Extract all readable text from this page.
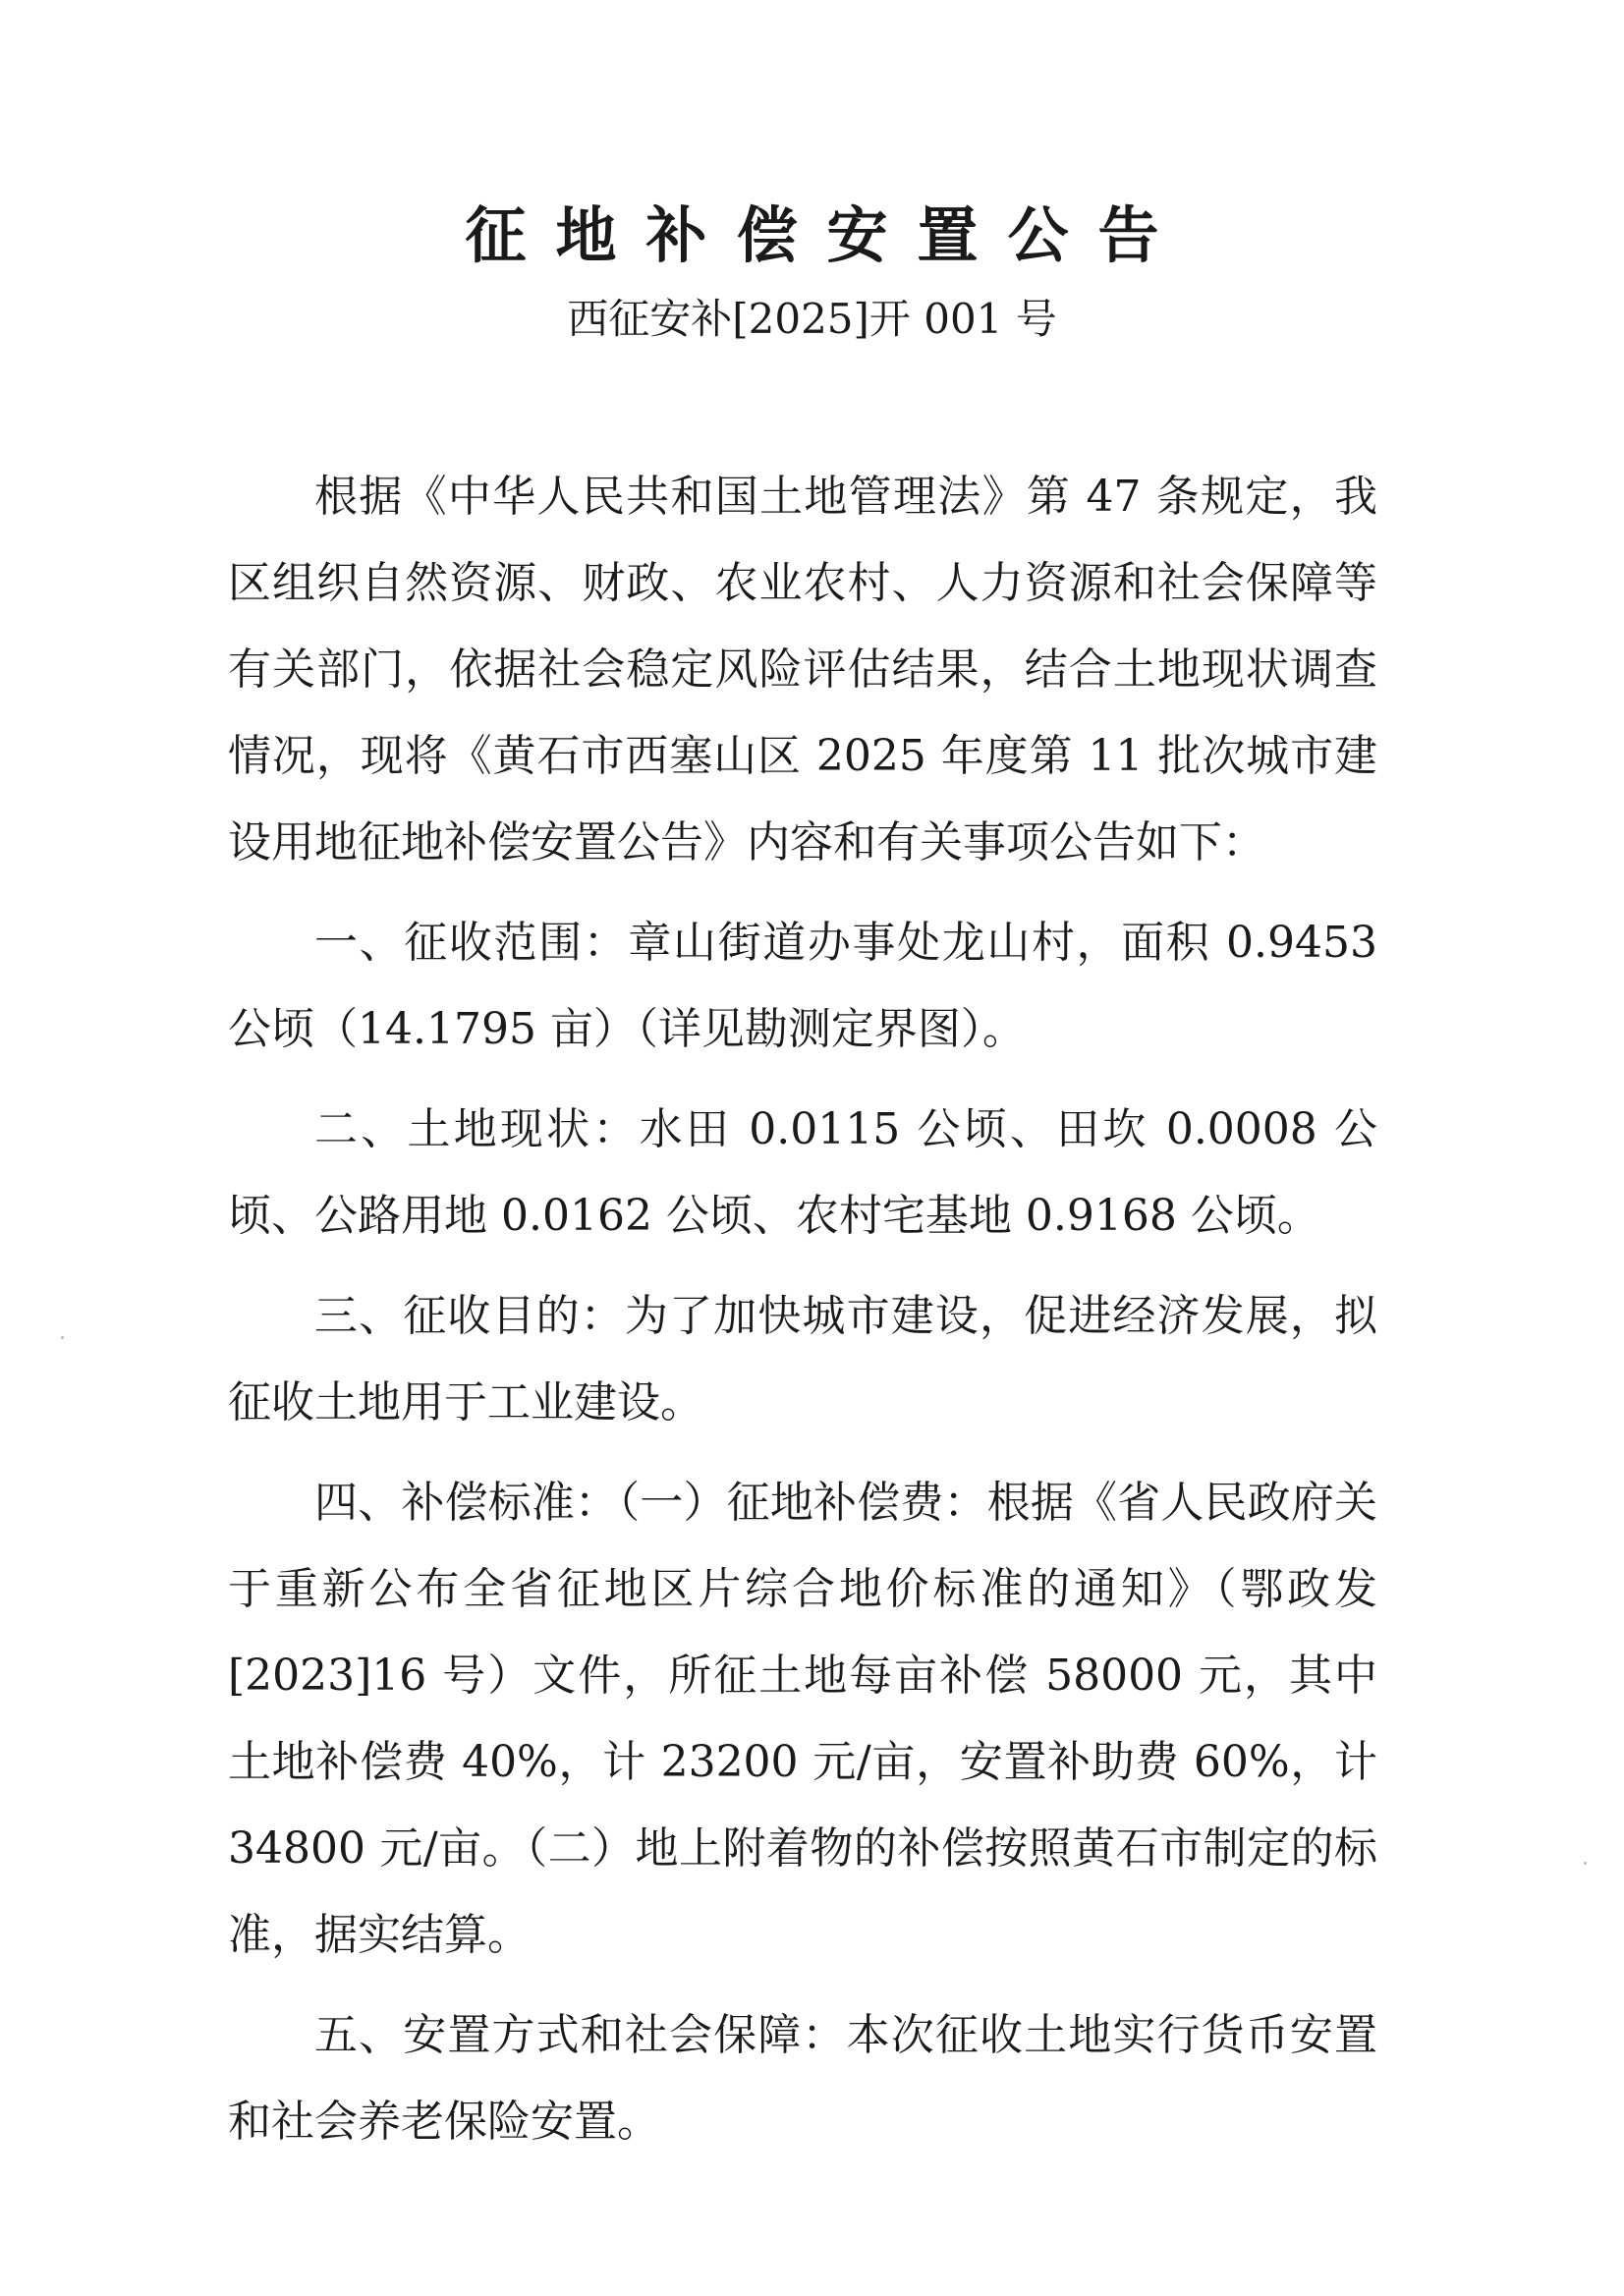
征地补偿安置公告
西征安补[2025]开 001 号

根据《中华人民共和国土地管理法》第 47 条规定，我区组织自然资源、财政、农业农村、人力资源和社会保障等有关部门，依据社会稳定风险评估结果，结合土地现状调查情况，现将《黄石市西塞山区 2025 年度第 11 批次城市建设用地征地补偿安置公告》内容和有关事项公告如下：

一、征收范围：章山街道办事处龙山村，面积 0.9453 公顷（14.1795 亩）（详见勘测定界图）。

二、土地现状：水田 0.0115 公顷、田坎 0.0008 公顷、公路用地 0.0162 公顷、农村宅基地 0.9168 公顷。

三、征收目的：为了加快城市建设，促进经济发展，拟征收土地用于工业建设。

四、补偿标准：（一）征地补偿费：根据《省人民政府关于重新公布全省征地区片综合地价标准的通知》（鄂政发[2023]16 号）文件，所征土地每亩补偿 58000 元，其中土地补偿费 40%，计 23200 元/亩，安置补助费 60%，计 34800 元/亩。（二）地上附着物的补偿按照黄石市制定的标准，据实结算。

五、安置方式和社会保障：本次征收土地实行货币安置和社会养老保险安置。
